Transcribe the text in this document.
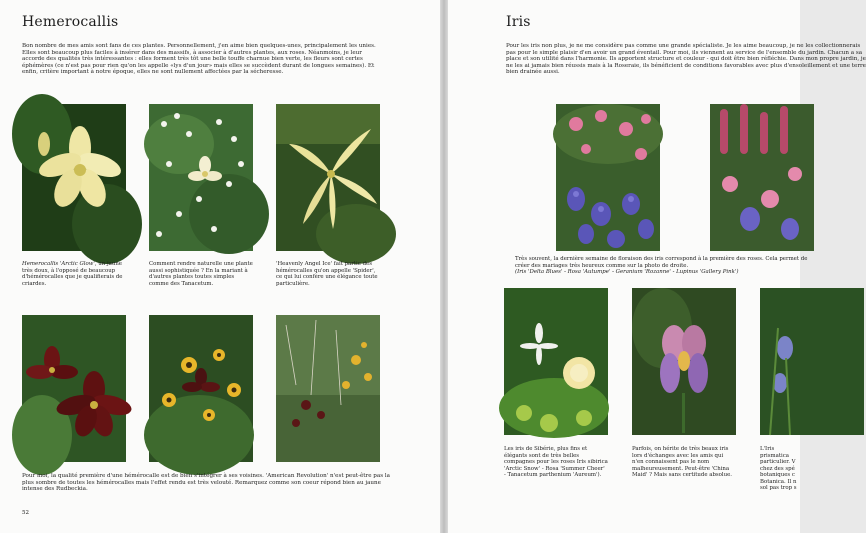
Hemerocallis

Bon nombre de mes amis sont fans de ces plantes. Personnellement, j'en aime bien quelques-unes, principalement les unies. Elles sont beaucoup plus faciles à insérer dans des massifs, à associer à d'autres plantes, aux roses. Néanmoins, je leur accorde des qualités très intéressantes : elles forment très tôt une belle touffe charnue bien verte, les fleurs sont certes éphémères (ce n'est pas pour rien qu'on les appelle «lys d'un jour» mais elles se succèdent durant de longues semaines). Et enfin, critère important à notre époque, elles ne sont nullement affectées par la sécheresse.

Hemerocallis 'Arctic Glow', un jaune très doux, à l'opposé de beaucoup d'hémérocalles que je qualifierais de criardes.

Comment rendre naturelle une plante aussi sophistiquée ? En la mariant à d'autres plantes toutes simples comme des Tanacetum.

'Heavenly Angel Ice' fait partie des hémérocalles qu'on appelle 'Spider', ce qui lui confère une élégance toute particulière.

Pour moi, la qualité première d'une hémérocalle est de bien s'intégrer à ses voisines. 'American Revolution' n'est peut-être pas la plus sombre de toutes les hémérocalles mais l'effet rendu est très velouté. Remarquez comme son coeur répond bien au jaune intense des Rudbeckia.

52
Iris

Pour les iris non plus, je ne me considère pas comme une grande spécialiste. Je les aime beaucoup, je ne les collectionnerais pas pour le simple plaisir d'en avoir un grand éventail. Pour moi, ils viennent au service de l'ensemble du jardin. Chacun a sa place et son utilité dans l'harmonie. Ils apportent structure et couleur - qui doit être bien réfléchie. Dans mon propre jardin, je ne les ai jamais bien réussis mais à la Roseraie, ils bénéficient de conditions favorables avec plus d'ensoleillement et une terre bien drainée aussi.

Très souvent, la dernière semaine de floraison des iris correspond à la première des roses. Cela permet de créer des mariages très heureux comme sur la photo de droite.
(Iris 'Delta Blues' - Rosa 'Autumpe' - Geranium 'Rozanne' - Lupinus 'Gallery Pink')

Les iris de Sibérie, plus fins et élégants sont de très belles compagnes pour les roses Iris sibirica 'Arctic Snow' - Rosa 'Summer Cheer' - Tanacetum parthenium 'Aureum').

Parfois, on hérite de très beaux iris lors d'échanges avec les amis qui n'en connaissent pas le nom malheureusement. Peut-être 'China Maid' ? Mais sans certitude absolue.

L'Iris prismatica particulier. V chez des spé botaniques c Botanica. Il n sol pas trop s
